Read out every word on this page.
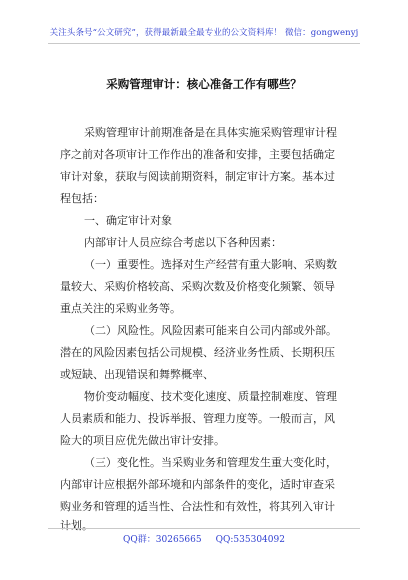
关注头条号“公文研究”，获得最新最全最专业的公文资料库！ 微信：gongwenyj
采购管理审计：核心准备工作有哪些？
采购管理审计前期准备是在具体实施采购管理审计程
序之前对各项审计工作作出的准备和安排，主要包括确定
审计对象，获取与阅读前期资料，制定审计方案。基本过
程包括：
一、确定审计对象
内部审计人员应综合考虑以下各种因素：
（一）重要性。选择对生产经营有重大影响、采购数
量较大、采购价格较高、采购次数及价格变化频繁、领导
重点关注的采购业务等。
（二）风险性。风险因素可能来自公司内部或外部。
潜在的风险因素包括公司规模、经济业务性质、长期积压
或短缺、出现错误和舞弊概率、
物价变动幅度、技术变化速度、质量控制难度、管理
人员素质和能力、投诉举报、管理力度等。一般而言，风
险大的项目应优先做出审计安排。
（三）变化性。当采购业务和管理发生重大变化时，
内部审计应根据外部环境和内部条件的变化，适时审查采
购业务和管理的适当性、合法性和有效性，将其列入审计
计划。
QQ群：30265665 QQ:535304092
